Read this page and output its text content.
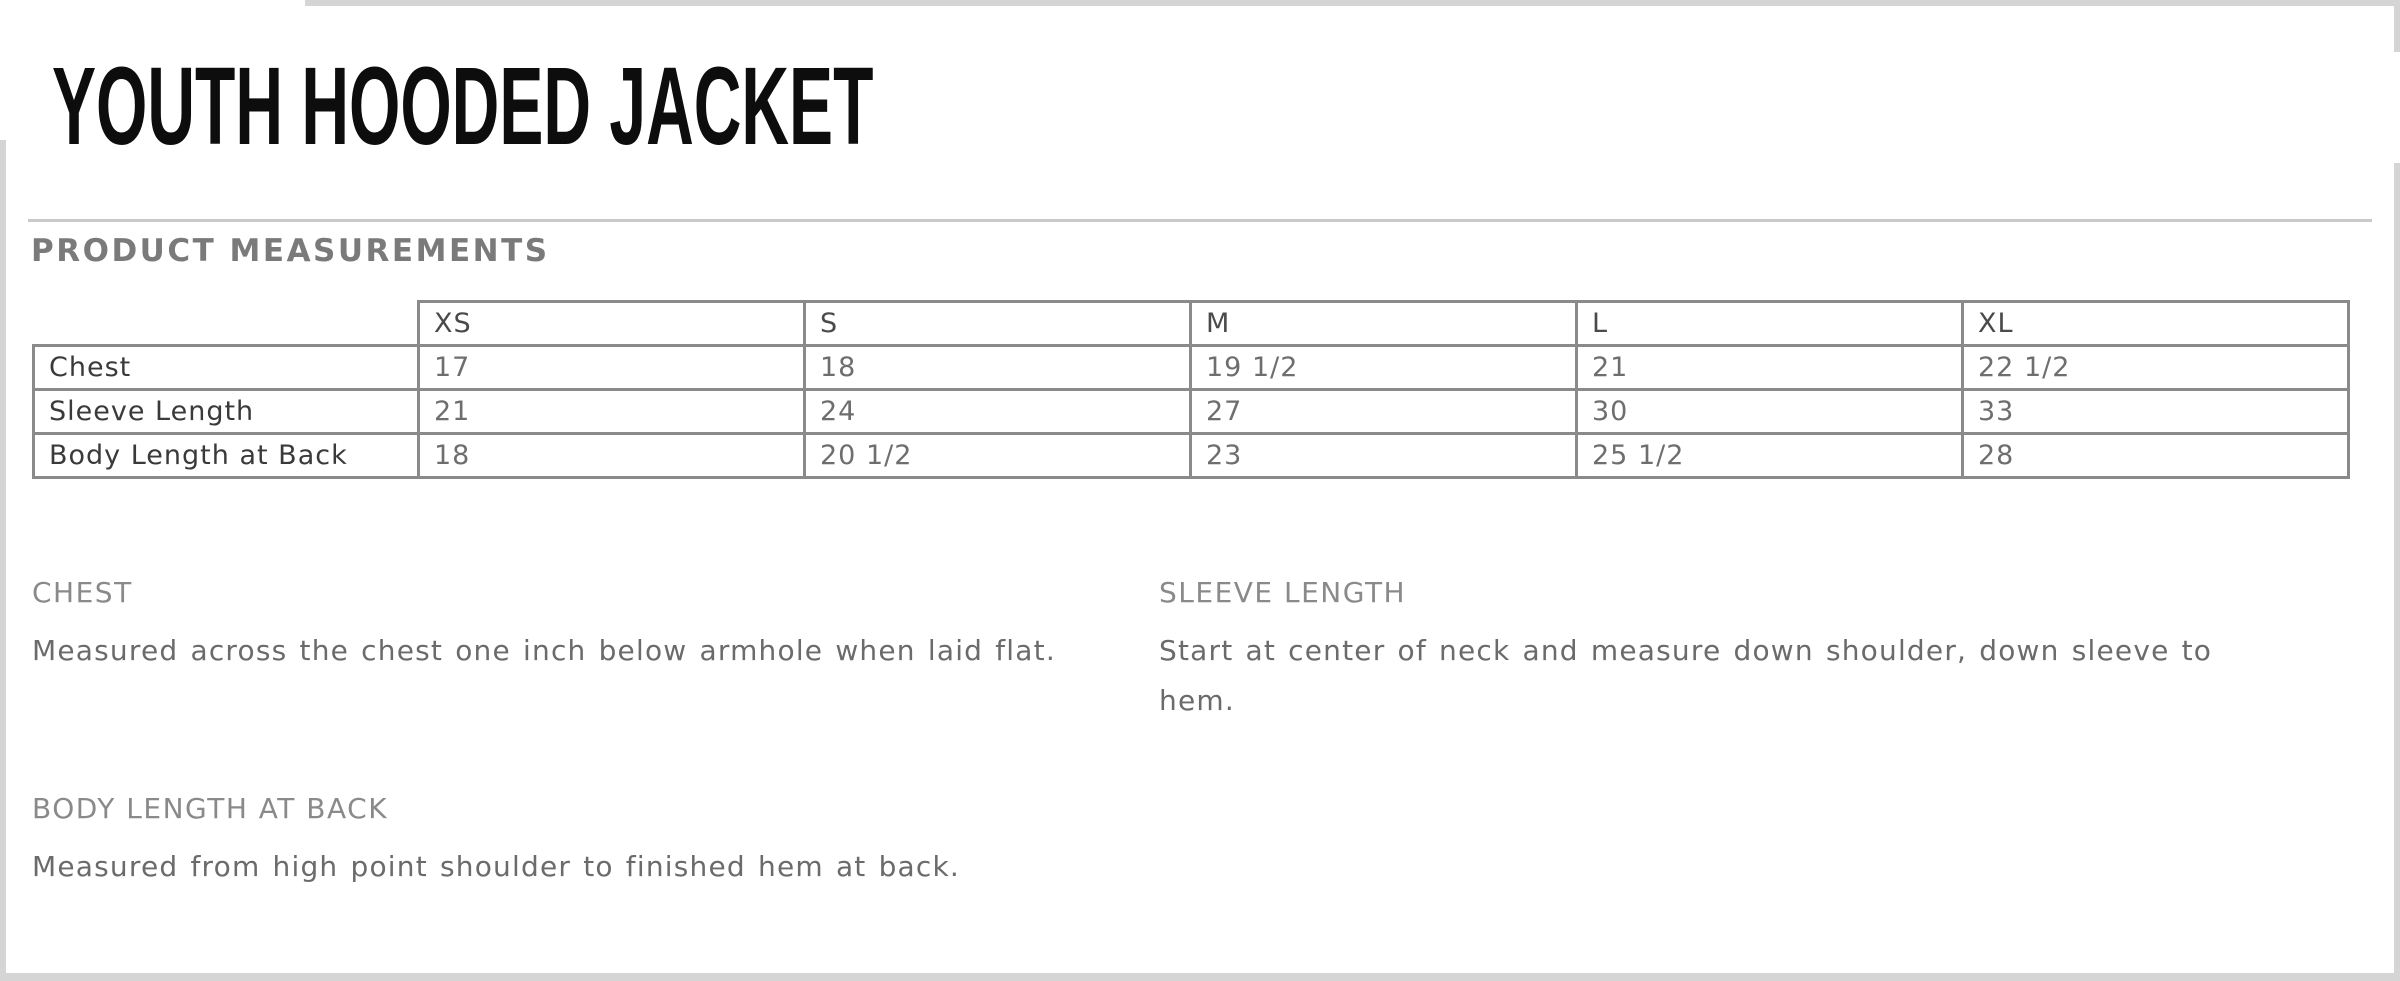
YOUTH HOODED JACKET
PRODUCT MEASUREMENTS
	XS	S	M	L	XL
Chest	17	18	19 1/2	21	22 1/2
Sleeve Length	21	24	27	30	33
Body Length at Back	18	20 1/2	23	25 1/2	28
CHEST

Measured across the chest one inch below armhole when laid flat.

SLEEVE LENGTH

Start at center of neck and measure down shoulder, down sleeve to hem.

BODY LENGTH AT BACK

Measured from high point shoulder to finished hem at back.
